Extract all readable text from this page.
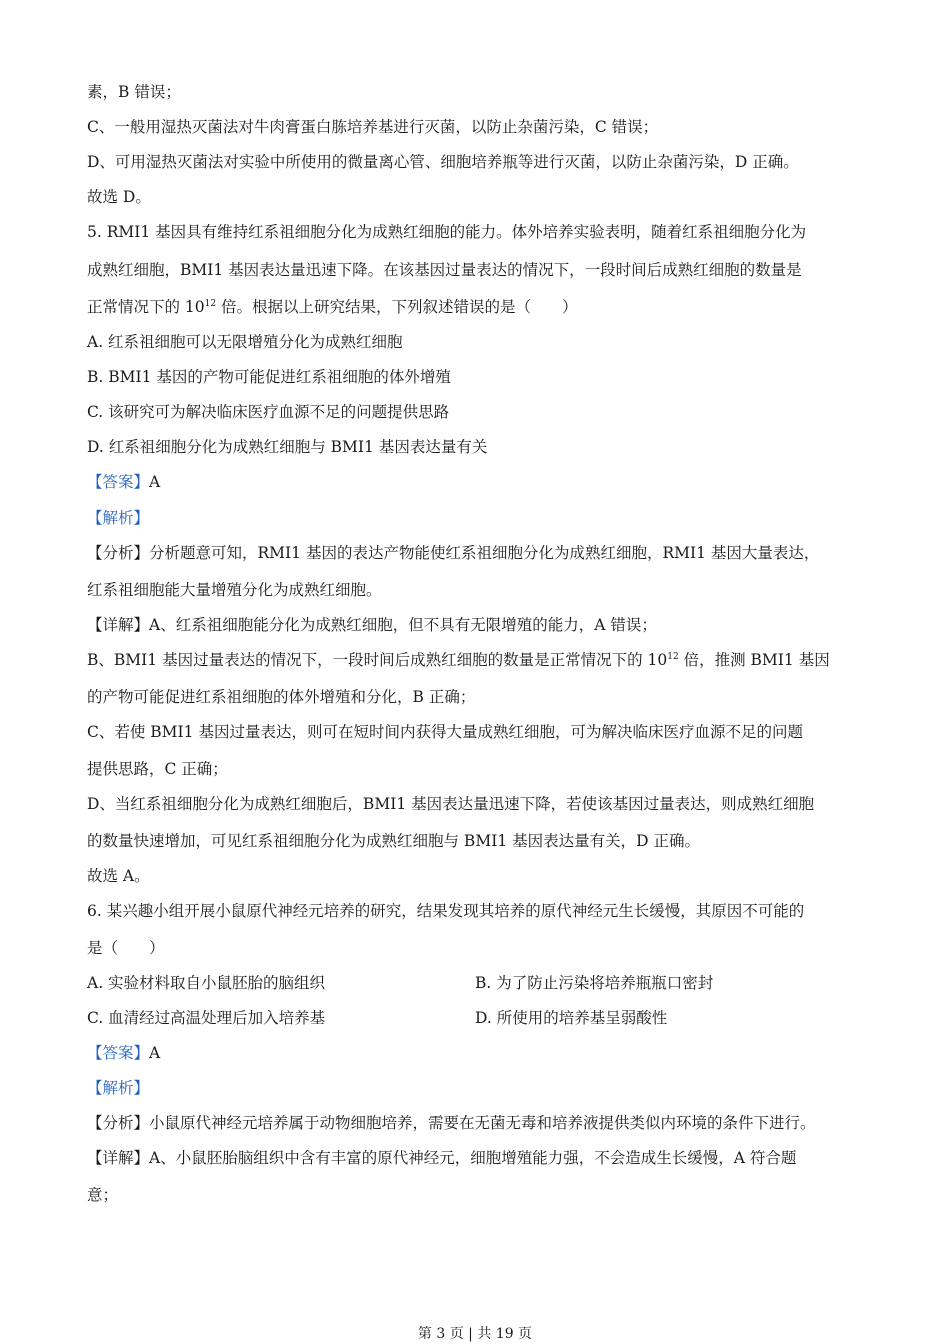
素，B 错误；
C、一般用湿热灭菌法对牛肉膏蛋白胨培养基进行灭菌，以防止杂菌污染，C 错误；
D、可用湿热灭菌法对实验中所使用的微量离心管、细胞培养瓶等进行灭菌，以防止杂菌污染，D 正确。
故选 D。
5. RMI1 基因具有维持红系祖细胞分化为成熟红细胞的能力。体外培养实验表明，随着红系祖细胞分化为
成熟红细胞，BMI1 基因表达量迅速下降。在该基因过量表达的情况下，一段时间后成熟红细胞的数量是
正常情况下的 $10^{12}$ 倍。根据以上研究结果，下列叙述错误的是（　　）
A. 红系祖细胞可以无限增殖分化为成熟红细胞
B. BMI1 基因的产物可能促进红系祖细胞的体外增殖
C. 该研究可为解决临床医疗血源不足的问题提供思路
D. 红系祖细胞分化为成熟红细胞与 BMI1 基因表达量有关
【答案】A
【解析】
【分析】分析题意可知，RMI1 基因的表达产物能使红系祖细胞分化为成熟红细胞，RMI1 基因大量表达，
红系祖细胞能大量增殖分化为成熟红细胞。
【详解】A、红系祖细胞能分化为成熟红细胞，但不具有无限增殖的能力，A 错误；
B、BMI1 基因过量表达的情况下，一段时间后成熟红细胞的数量是正常情况下的 $10^{12}$ 倍，推测 BMI1 基因
的产物可能促进红系祖细胞的体外增殖和分化，B 正确；
C、若使 BMI1 基因过量表达，则可在短时间内获得大量成熟红细胞，可为解决临床医疗血源不足的问题
提供思路，C 正确；
D、当红系祖细胞分化为成熟红细胞后，BMI1 基因表达量迅速下降，若使该基因过量表达，则成熟红细胞
的数量快速增加，可见红系祖细胞分化为成熟红细胞与 BMI1 基因表达量有关，D 正确。
故选 A。
6. 某兴趣小组开展小鼠原代神经元培养的研究，结果发现其培养的原代神经元生长缓慢，其原因不可能的
是（　　）
A. 实验材料取自小鼠胚胎的脑组织	B. 为了防止污染将培养瓶瓶口密封
C. 血清经过高温处理后加入培养基	D. 所使用的培养基呈弱酸性
【答案】A
【解析】
【分析】小鼠原代神经元培养属于动物细胞培养，需要在无菌无毒和培养液提供类似内环境的条件下进行。
【详解】A、小鼠胚胎脑组织中含有丰富的原代神经元，细胞增殖能力强，不会造成生长缓慢，A 符合题
意；
第 3 页 | 共 19 页
